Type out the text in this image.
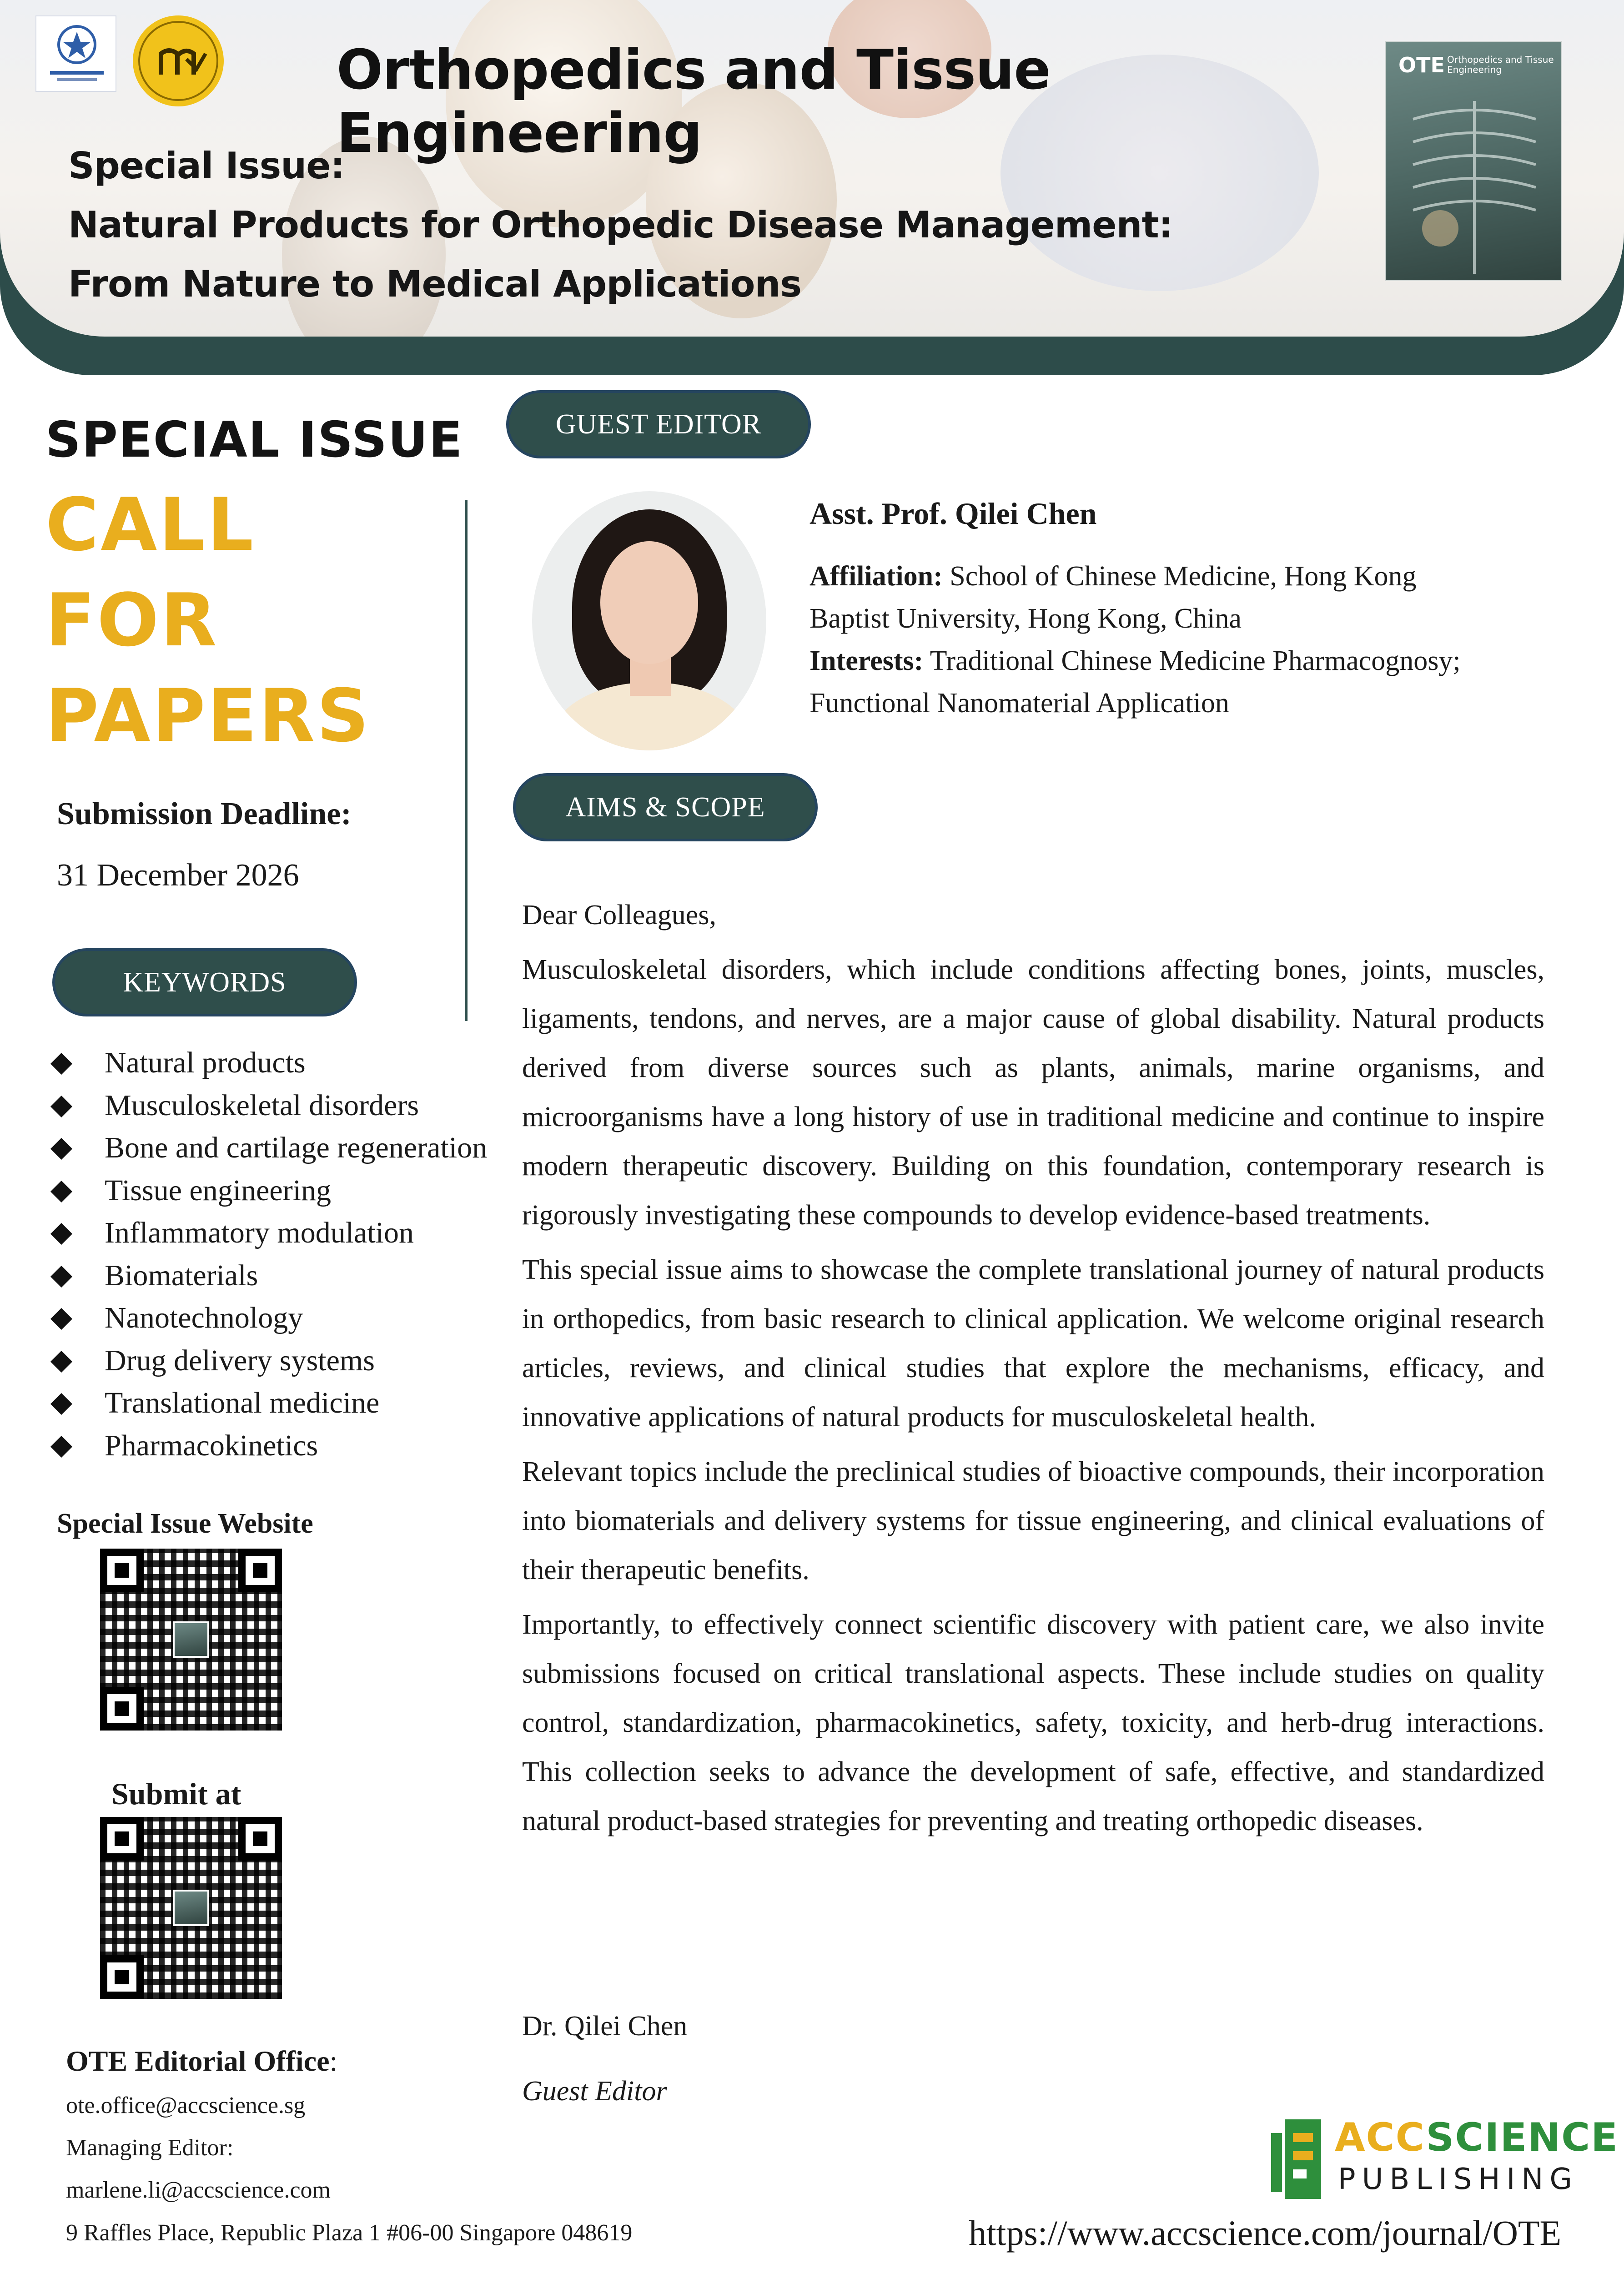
Orthopedics and Tissue Engineering
Special Issue:
Natural Products for Orthopedic Disease Management:
From Nature to Medical Applications
OTE Orthopedics and Tissue Engineering
SPECIAL ISSUE
CALL
FOR
PAPERS
Submission Deadline:
31 December 2026
KEYWORDS
Natural products
Musculoskeletal disorders
Bone and cartilage regeneration
Tissue engineering
Inflammatory modulation
Biomaterials
Nanotechnology
Drug delivery systems
Translational medicine
Pharmacokinetics
Special Issue Website
Submit at
OTE Editorial Office:
ote.office@accscience.sg
Managing Editor:
marlene.li@accscience.com
9 Raffles Place, Republic Plaza 1 #06-00 Singapore 048619
GUEST EDITOR
Asst. Prof. Qilei Chen
Affiliation: School of Chinese Medicine, Hong Kong
Baptist University, Hong Kong, China
Interests: Traditional Chinese Medicine Pharmacognosy;
Functional Nanomaterial Application
AIMS & SCOPE

Dear Colleagues,

Musculoskeletal disorders, which include conditions affecting bones, joints, muscles, ligaments, tendons, and nerves, are a major cause of global disability. Natural products derived from diverse sources such as plants, animals, marine organisms, and microorganisms have a long history of use in traditional medicine and continue to inspire modern therapeutic discovery. Building on this foundation, contemporary research is rigorously investigating these compounds to develop evidence-based treatments.

This special issue aims to showcase the complete translational journey of natural products in orthopedics, from basic research to clinical application. We welcome original research articles, reviews, and clinical studies that explore the mechanisms, efficacy, and innovative applications of natural products for musculoskeletal health.

Relevant topics include the preclinical studies of bioactive compounds, their incorporation into biomaterials and delivery systems for tissue engineering, and clinical evaluations of their therapeutic benefits.

Importantly, to effectively connect scientific discovery with patient care, we also invite submissions focused on critical translational aspects. These include studies on quality control, standardization, pharmacokinetics, safety, toxicity, and herb-drug interactions. This collection seeks to advance the development of safe, effective, and standardized natural product-based strategies for preventing and treating orthopedic diseases.

Dr. Qilei Chen
Guest Editor
ACCSCIENCE
PUBLISHING
https://www.accscience.com/journal/OTE
